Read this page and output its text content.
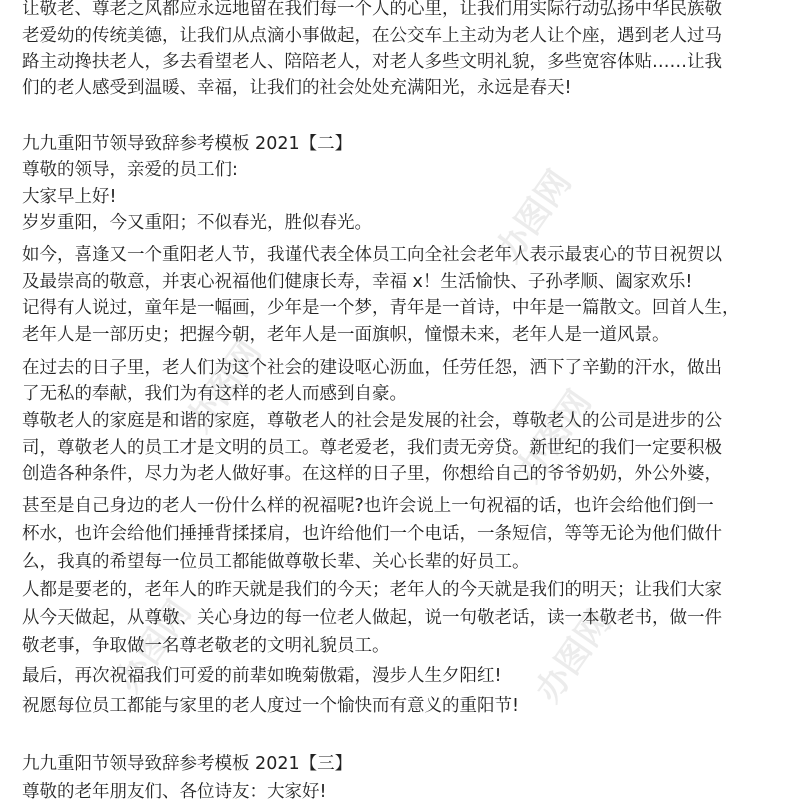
办图网
办图网	办图网
办图网	办图网

让敬老、尊老之风都应永远地留在我们每一个人的心里，让我们用实际行动弘扬中华民族敬

老爱幼的传统美德，让我们从点滴小事做起，在公交车上主动为老人让个座，遇到老人过马

路主动搀扶老人，多去看望老人、陪陪老人，对老人多些文明礼貌，多些宽容体贴……让我

们的老人感受到温暖、幸福，让我们的社会处处充满阳光，永远是春天!

九九重阳节领导致辞参考模板 2021【二】

尊敬的领导，亲爱的员工们:

大家早上好!

岁岁重阳，今又重阳；不似春光，胜似春光。

如今，喜逢又一个重阳老人节，我谨代表全体员工向全社会老年人表示最衷心的节日祝贺以

及最崇高的敬意，并衷心祝福他们健康长寿，幸福 x！生活愉快、子孙孝顺、阖家欢乐!

记得有人说过，童年是一幅画，少年是一个梦，青年是一首诗，中年是一篇散文。回首人生，

老年人是一部历史；把握今朝，老年人是一面旗帜，憧憬未来，老年人是一道风景。

在过去的日子里，老人们为这个社会的建设呕心沥血，任劳任怨，洒下了辛勤的汗水，做出

了无私的奉献，我们为有这样的老人而感到自豪。

尊敬老人的家庭是和谐的家庭，尊敬老人的社会是发展的社会，尊敬老人的公司是进步的公

司，尊敬老人的员工才是文明的员工。尊老爱老，我们责无旁贷。新世纪的我们一定要积极

创造各种条件，尽力为老人做好事。在这样的日子里，你想给自己的爷爷奶奶，外公外婆，

甚至是自己身边的老人一份什么样的祝福呢?也许会说上一句祝福的话，也许会给他们倒一

杯水，也许会给他们捶捶背揉揉肩，也许给他们一个电话，一条短信，等等无论为他们做什

么，我真的希望每一位员工都能做尊敬长辈、关心长辈的好员工。

人都是要老的，老年人的昨天就是我们的今天；老年人的今天就是我们的明天；让我们大家

从今天做起，从尊敬、关心身边的每一位老人做起，说一句敬老话，读一本敬老书，做一件

敬老事，争取做一名尊老敬老的文明礼貌员工。

最后，再次祝福我们可爱的前辈如晚菊傲霜，漫步人生夕阳红!

祝愿每位员工都能与家里的老人度过一个愉快而有意义的重阳节!

九九重阳节领导致辞参考模板 2021【三】

尊敬的老年朋友们、各位诗友：大家好!
